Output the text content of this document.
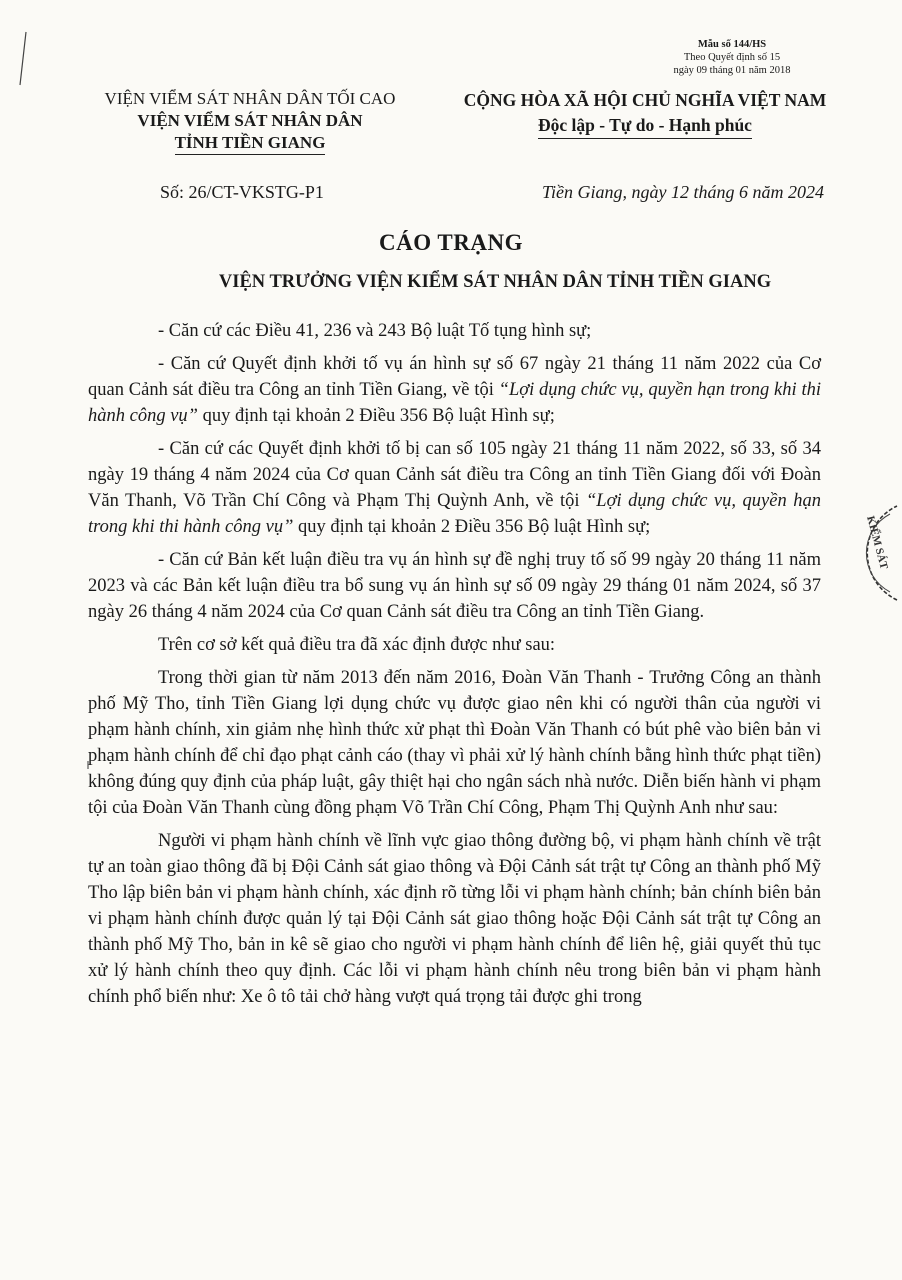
Mẫu số 144/HS
Theo Quyết định số 15
ngày 09 tháng 01 năm 2018
VIỆN VIỂM SÁT NHÂN DÂN TỐI CAO
VIỆN VIỂM SÁT NHÂN DÂN
TỈNH TIỀN GIANG
CỘNG HÒA XÃ HỘI CHỦ NGHĨA VIỆT NAM
Độc lập - Tự do - Hạnh phúc
Số: 26/CT-VKSTG-P1	Tiền Giang, ngày 12 tháng 6 năm 2024
CÁO TRẠNG
VIỆN TRƯỞNG VIỆN KIỂM SÁT NHÂN DÂN TỈNH TIỀN GIANG

- Căn cứ các Điều 41, 236 và 243 Bộ luật Tố tụng hình sự;

- Căn cứ Quyết định khởi tố vụ án hình sự số 67 ngày 21 tháng 11 năm 2022 của Cơ quan Cảnh sát điều tra Công an tỉnh Tiền Giang, về tội “Lợi dụng chức vụ, quyền hạn trong khi thi hành công vụ” quy định tại khoản 2 Điều 356 Bộ luật Hình sự;

- Căn cứ các Quyết định khởi tố bị can số 105 ngày 21 tháng 11 năm 2022, số 33, số 34 ngày 19 tháng 4 năm 2024 của Cơ quan Cảnh sát điều tra Công an tỉnh Tiền Giang đối với Đoàn Văn Thanh, Võ Trần Chí Công và Phạm Thị Quỳnh Anh, về tội “Lợi dụng chức vụ, quyền hạn trong khi thi hành công vụ” quy định tại khoản 2 Điều 356 Bộ luật Hình sự;

- Căn cứ Bản kết luận điều tra vụ án hình sự đề nghị truy tố số 99 ngày 20 tháng 11 năm 2023 và các Bản kết luận điều tra bổ sung vụ án hình sự số 09 ngày 29 tháng 01 năm 2024, số 37 ngày 26 tháng 4 năm 2024 của Cơ quan Cảnh sát điều tra Công an tỉnh Tiền Giang.

Trên cơ sở kết quả điều tra đã xác định được như sau:

Trong thời gian từ năm 2013 đến năm 2016, Đoàn Văn Thanh - Trưởng Công an thành phố Mỹ Tho, tỉnh Tiền Giang lợi dụng chức vụ được giao nên khi có người thân của người vi phạm hành chính, xin giảm nhẹ hình thức xử phạt thì Đoàn Văn Thanh có bút phê vào biên bản vi phạm hành chính để chỉ đạo phạt cảnh cáo (thay vì phải xử lý hành chính bằng hình thức phạt tiền) không đúng quy định của pháp luật, gây thiệt hại cho ngân sách nhà nước. Diễn biến hành vi phạm tội của Đoàn Văn Thanh cùng đồng phạm Võ Trần Chí Công, Phạm Thị Quỳnh Anh như sau:

Người vi phạm hành chính về lĩnh vực giao thông đường bộ, vi phạm hành chính về trật tự an toàn giao thông đã bị Đội Cảnh sát giao thông và Đội Cảnh sát trật tự Công an thành phố Mỹ Tho lập biên bản vi phạm hành chính, xác định rõ từng lỗi vi phạm hành chính; bản chính biên bản vi phạm hành chính được quản lý tại Đội Cảnh sát giao thông hoặc Đội Cảnh sát trật tự Công an thành phố Mỹ Tho, bản in kê sẽ giao cho người vi phạm hành chính để liên hệ, giải quyết thủ tục xử lý hành chính theo quy định. Các lỗi vi phạm hành chính nêu trong biên bản vi phạm hành chính phổ biến như: Xe ô tô tải chở hàng vượt quá trọng tải được ghi trong

KIỂM SÁT
